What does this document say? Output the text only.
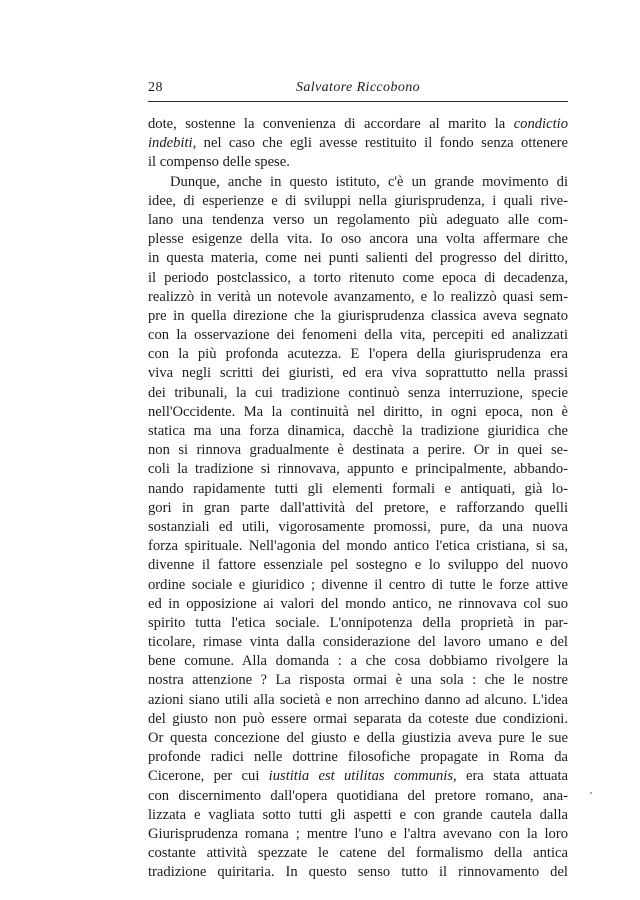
28	Salvatore Riccobono
dote, sostenne la convenienza di accordare al marito la condictio
indebiti, nel caso che egli avesse restituito il fondo senza ottenere
il compenso delle spese.
Dunque, anche in questo istituto, c'è un grande movimento di
idee, di esperienze e di sviluppi nella giurisprudenza, i quali rive-
lano una tendenza verso un regolamento più adeguato alle com-
plesse esigenze della vita. Io oso ancora una volta affermare che
in questa materia, come nei punti salienti del progresso del diritto,
il periodo postclassico, a torto ritenuto come epoca di decadenza,
realizzò in verità un notevole avanzamento, e lo realizzò quasi sem-
pre in quella direzione che la giurisprudenza classica aveva segnato
con la osservazione dei fenomeni della vita, percepiti ed analizzati
con la più profonda acutezza. E l'opera della giurisprudenza era
viva negli scritti dei giuristi, ed era viva soprattutto nella prassi
dei tribunali, la cui tradizione continuò senza interruzione, specie
nell'Occidente. Ma la continuità nel diritto, in ogni epoca, non è
statica ma una forza dinamica, dacchè la tradizione giuridica che
non si rinnova gradualmente è destinata a perire. Or in quei se-
coli la tradizione si rinnovava, appunto e principalmente, abbando-
nando rapidamente tutti gli elementi formali e antiquati, già lo-
gori in gran parte dall'attività del pretore, e rafforzando quelli
sostanziali ed utili, vigorosamente promossi, pure, da una nuova
forza spirituale. Nell'agonia del mondo antico l'etica cristiana, si sa,
divenne il fattore essenziale pel sostegno e lo sviluppo del nuovo
ordine sociale e giuridico ; divenne il centro di tutte le forze attive
ed in opposizione ai valori del mondo antico, ne rinnovava col suo
spirito tutta l'etica sociale. L'onnipotenza della proprietà in par-
ticolare, rimase vinta dalla considerazione del lavoro umano e del
bene comune. Alla domanda : a che cosa dobbiamo rivolgere la
nostra attenzione ? La risposta ormai è una sola : che le nostre
azioni siano utili alla società e non arrechino danno ad alcuno. L'idea
del giusto non può essere ormai separata da coteste due condizioni.
Or questa concezione del giusto e della giustizia aveva pure le sue
profonde radici nelle dottrine filosofiche propagate in Roma da
Cicerone, per cui iustitia est utilitas communis, era stata attuata
con discernimento dall'opera quotidiana del pretore romano, ana-
lizzata e vagliata sotto tutti gli aspetti e con grande cautela dalla
Giurisprudenza romana ; mentre l'uno e l'altra avevano con la loro
costante attività spezzate le catene del formalismo della antica
tradizione quiritaria. In questo senso tutto il rinnovamento del
